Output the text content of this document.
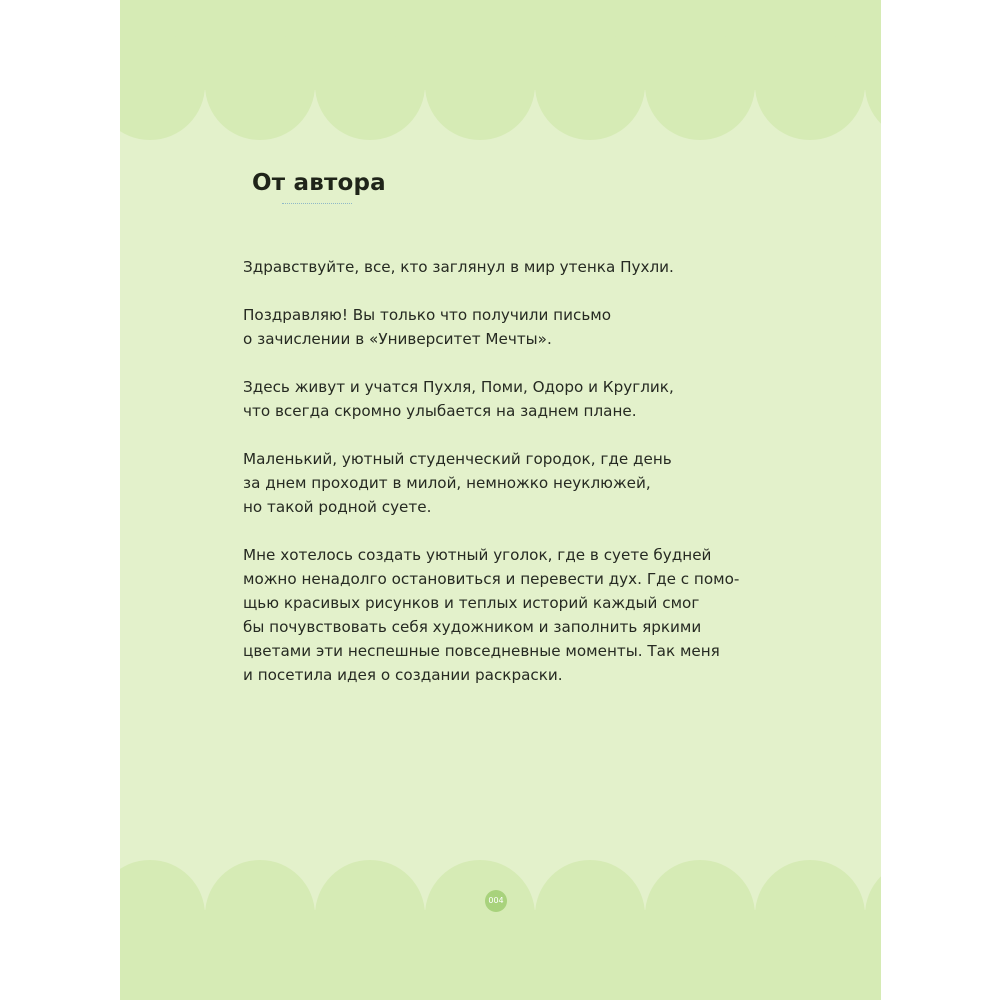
От автора

Здравствуйте, все, кто заглянул в мир утенка Пухли.

Поздравляю! Вы только что получили письмо
о зачислении в «Университет Мечты».

Здесь живут и учатся Пухля, Поми, Одоро и Круглик,
что всегда скромно улыбается на заднем плане.

Маленький, уютный студенческий городок, где день
за днем проходит в милой, немножко неуклюжей,
но такой родной суете.

Мне хотелось создать уютный уголок, где в суете будней
можно ненадолго остановиться и перевести дух. Где с помо-
щью красивых рисунков и теплых историй каждый смог
бы почувствовать себя художником и заполнить яркими
цветами эти неспешные повседневные моменты. Так меня
и посетила идея о создании раскраски.

004
